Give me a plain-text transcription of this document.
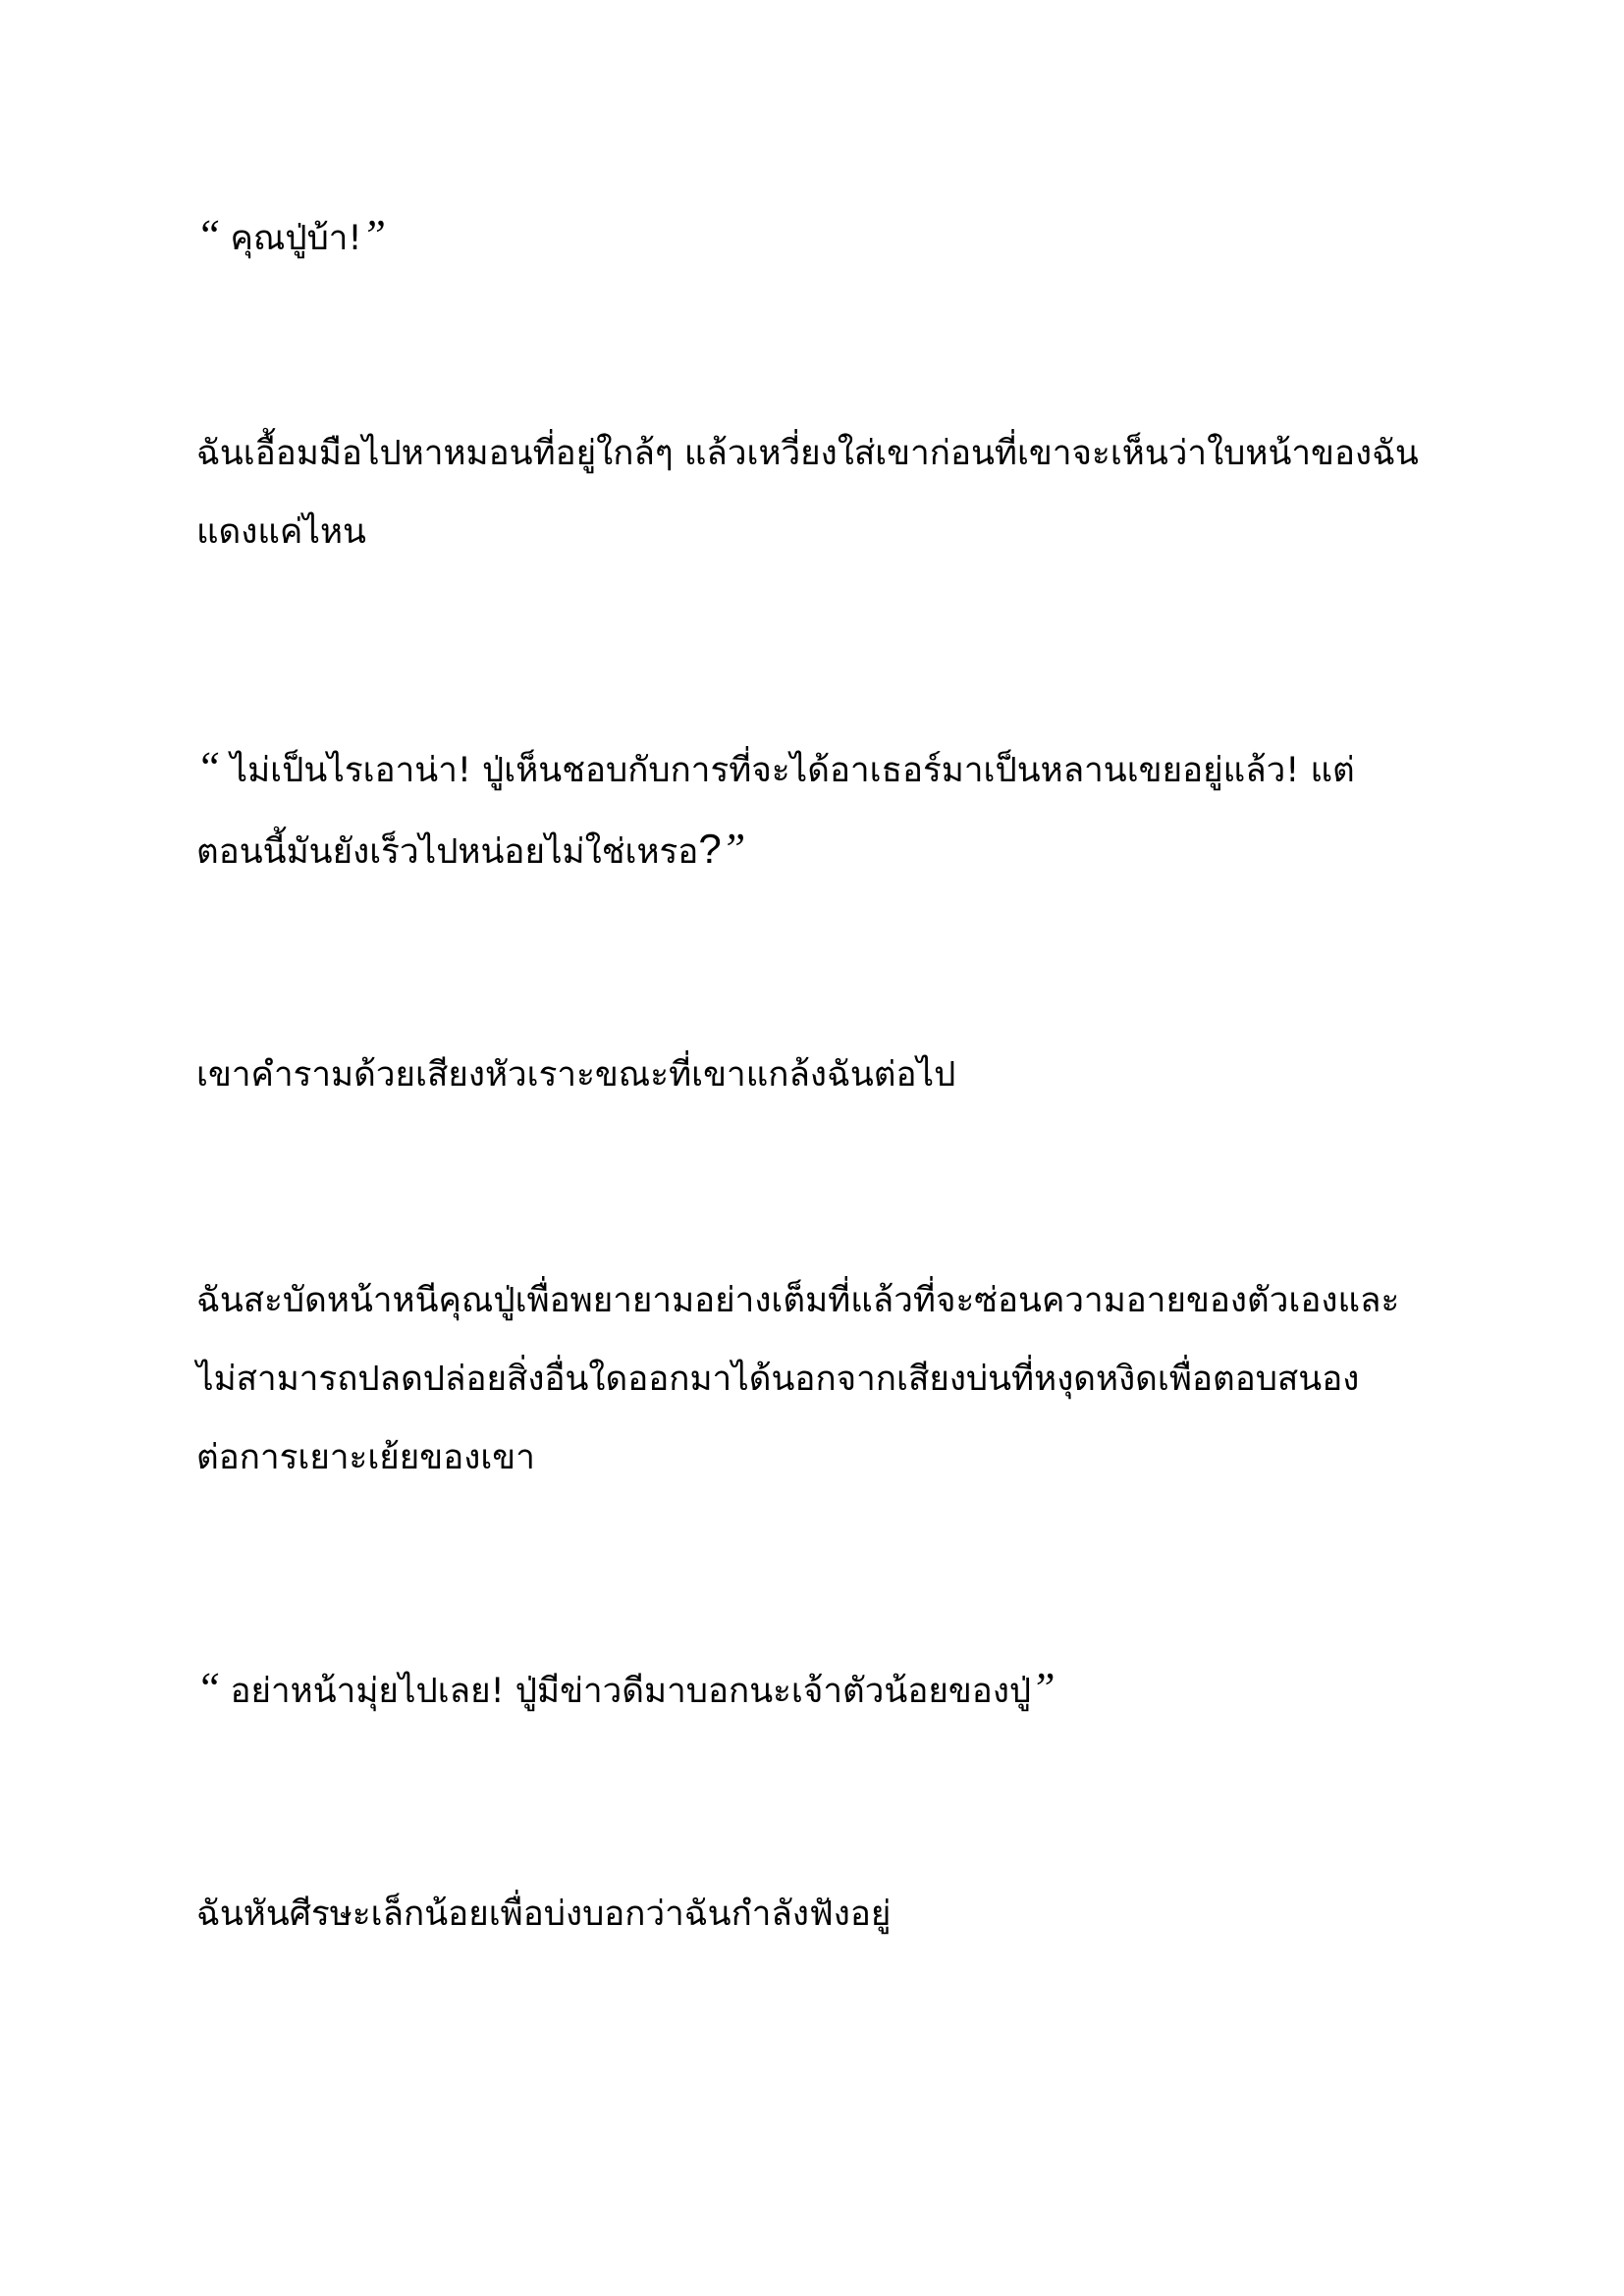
“ คุณปู่บ้า!”

ฉันเอื้อมมือไปหาหมอนที่อยู่ใกล้ๆ แล้วเหวี่ยงใส่เขาก่อนที่เขาจะเห็นว่าใบหน้าของฉัน
แดงแค่ไหน

“ ไม่เป็นไรเอาน่า! ปู่เห็นชอบกับการที่จะได้อาเธอร์มาเป็นหลานเขยอยู่แล้ว! แต่
ตอนนี้มันยังเร็วไปหน่อยไม่ใช่เหรอ?”

เขาคำรามด้วยเสียงหัวเราะขณะที่เขาแกล้งฉันต่อไป

ฉันสะบัดหน้าหนีคุณปู่เพื่อพยายามอย่างเต็มที่แล้วที่จะซ่อนความอายของตัวเองและ
ไม่สามารถปลดปล่อยสิ่งอื่นใดออกมาได้นอกจากเสียงบ่นที่หงุดหงิดเพื่อตอบสนอง
ต่อการเยาะเย้ยของเขา

“ อย่าหน้ามุ่ยไปเลย! ปู่มีข่าวดีมาบอกนะเจ้าตัวน้อยของปู่”

ฉันหันศีรษะเล็กน้อยเพื่อบ่งบอกว่าฉันกำลังฟังอยู่
